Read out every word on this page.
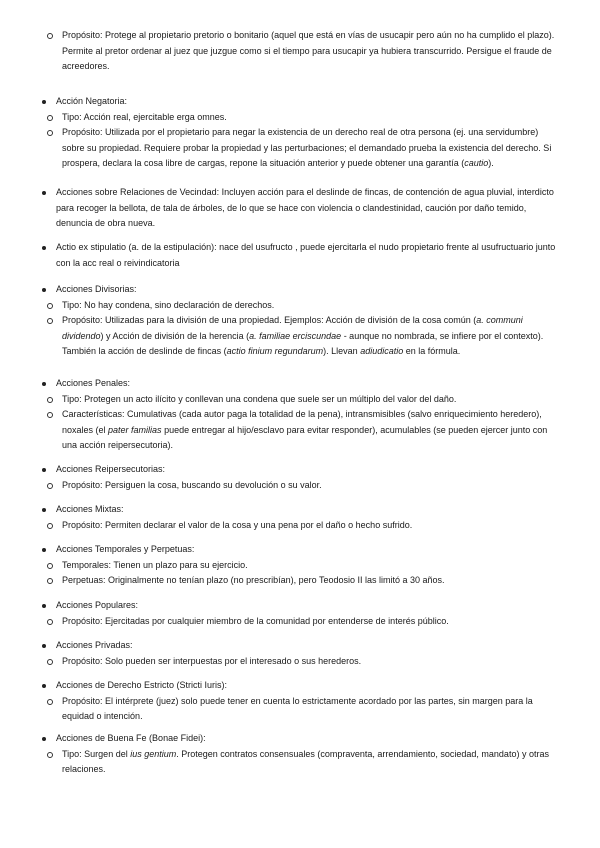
Propósito: Protege al propietario pretorio o bonitario (aquel que está en vías de usucapir pero aún no ha cumplido el plazo). Permite al pretor ordenar al juez que juzgue como si el tiempo para usucapir ya hubiera transcurrido. Persigue el fraude de acreedores.
Acción Negatoria:
Tipo: Acción real, ejercitable erga omnes.
Propósito: Utilizada por el propietario para negar la existencia de un derecho real de otra persona (ej. una servidumbre) sobre su propiedad. Requiere probar la propiedad y las perturbaciones; el demandado prueba la existencia del derecho. Si prospera, declara la cosa libre de cargas, repone la situación anterior y puede obtener una garantía (cautio).
Acciones sobre Relaciones de Vecindad: Incluyen acción para el deslinde de fincas, de contención de agua pluvial, interdicto para recoger la bellota, de tala de árboles, de lo que se hace con violencia o clandestinidad, caución por daño temido, denuncia de obra nueva.
Actio ex stipulatio (a. de la estipulación): nace del usufructo , puede ejercitarla el nudo propietario frente al usufructuario junto con la acc real o reivindicatoria
Acciones Divisorias:
Tipo: No hay condena, sino declaración de derechos.
Propósito: Utilizadas para la división de una propiedad. Ejemplos: Acción de división de la cosa común (a. communi dividendo) y Acción de división de la herencia (a. familiae erciscundae - aunque no nombrada, se infiere por el contexto). También la acción de deslinde de fincas (actio finium regundarum). Llevan adiudicatio en la fórmula.
Acciones Penales:
Tipo: Protegen un acto ilícito y conllevan una condena que suele ser un múltiplo del valor del daño.
Características: Cumulativas (cada autor paga la totalidad de la pena), intransmisibles (salvo enriquecimiento heredero), noxales (el pater familias puede entregar al hijo/esclavo para evitar responder), acumulables (se pueden ejercer junto con una acción reipersecutoria).
Acciones Reipersecutorias:
Propósito: Persiguen la cosa, buscando su devolución o su valor.
Acciones Mixtas:
Propósito: Permiten declarar el valor de la cosa y una pena por el daño o hecho sufrido.
Acciones Temporales y Perpetuas:
Temporales: Tienen un plazo para su ejercicio.
Perpetuas: Originalmente no tenían plazo (no prescribían), pero Teodosio II las limitó a 30 años.
Acciones Populares:
Propósito: Ejercitadas por cualquier miembro de la comunidad por entenderse de interés público.
Acciones Privadas:
Propósito: Solo pueden ser interpuestas por el interesado o sus herederos.
Acciones de Derecho Estricto (Stricti Iuris):
Propósito: El intérprete (juez) solo puede tener en cuenta lo estrictamente acordado por las partes, sin margen para la equidad o intención.
Acciones de Buena Fe (Bonae Fidei):
Tipo: Surgen del ius gentium. Protegen contratos consensuales (compraventa, arrendamiento, sociedad, mandato) y otras relaciones.
